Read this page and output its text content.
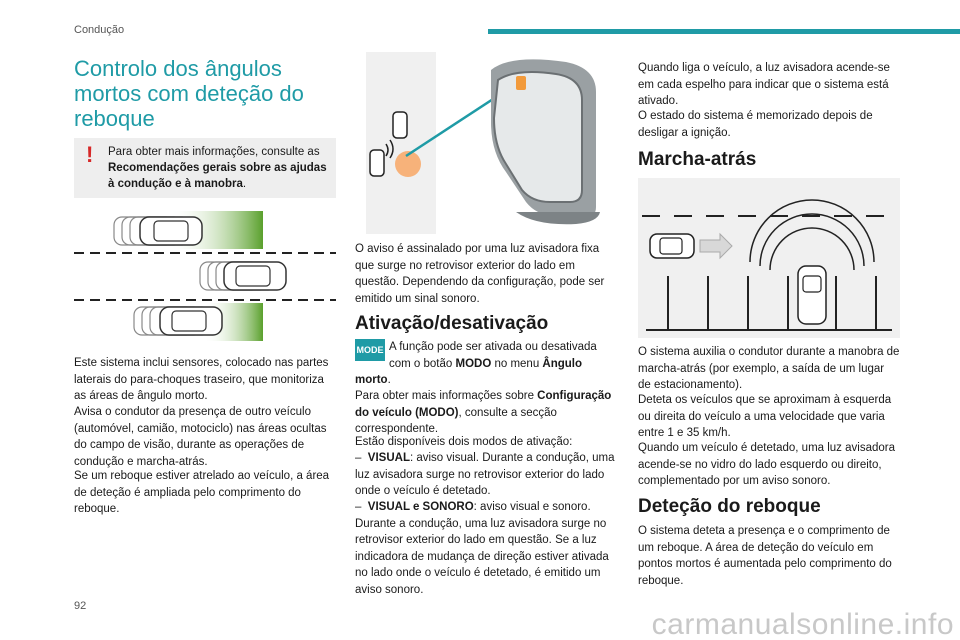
Condução
Controlo dos ângulos mortos com deteção do reboque
!	Para obter mais informações, consulte as
Recomendações gerais sobre as ajudas à condução e à manobra.
Este sistema inclui sensores, colocado nas partes laterais do para-choques traseiro, que monitoriza as áreas de ângulo morto.
Avisa o condutor da presença de outro veículo (automóvel, camião, motociclo) nas áreas ocultas do campo de visão, durante as operações de condução e marcha-atrás.
Se um reboque estiver atrelado ao veículo, a área de deteção é ampliada pelo comprimento do reboque.
O aviso é assinalado por uma luz avisadora fixa que surge no retrovisor exterior do lado em questão. Dependendo da configuração, pode ser emitido um sinal sonoro.
Ativação/desativação
MODE A função pode ser ativada ou desativada com o botão MODO no menu Ângulo morto.
Para obter mais informações sobre Configuração do veículo (MODO), consulte a secção correspondente.
Estão disponíveis dois modos de ativação:
– VISUAL: aviso visual. Durante a condução, uma luz avisadora surge no retrovisor exterior do lado onde o veículo é detetado.
– VISUAL e SONORO: aviso visual e sonoro. Durante a condução, uma luz avisadora surge no retrovisor exterior do lado em questão. Se a luz indicadora de mudança de direção estiver ativada no lado onde o veículo é detetado, é emitido um aviso sonoro.
Quando liga o veículo, a luz avisadora acende-se em cada espelho para indicar que o sistema está ativado.
O estado do sistema é memorizado depois de desligar a ignição.
Marcha-atrás
O sistema auxilia o condutor durante a manobra de marcha-atrás (por exemplo, a saída de um lugar de estacionamento).
Deteta os veículos que se aproximam à esquerda ou direita do veículo a uma velocidade que varia entre 1 e 35 km/h.
Quando um veículo é detetado, uma luz avisadora acende-se no vidro do lado esquerdo ou direito, complementado por um aviso sonoro.
Deteção do reboque
O sistema deteta a presença e o comprimento de um reboque. A área de deteção do veículo em pontos mortos é aumentada pelo comprimento do reboque.
92
carmanualsonline.info
